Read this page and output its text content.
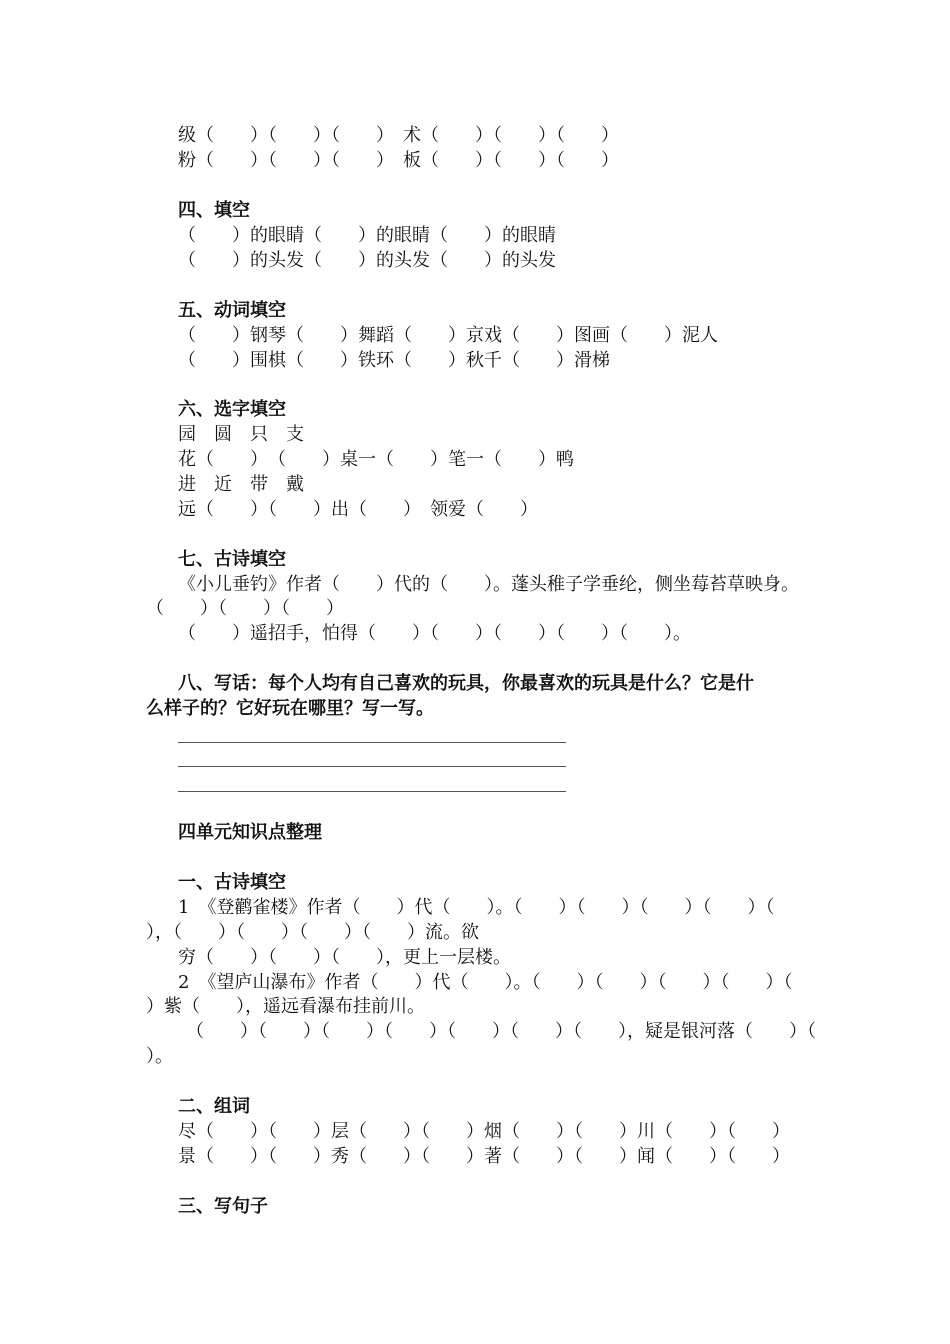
级（　　）（　　）（　　）　术（　　）（　　）（　　）
粉（　　）（　　）（　　）　板（　　）（　　）（　　）
四、填空
（　　）的眼睛（　　）的眼睛（　　）的眼睛
（　　）的头发（　　）的头发（　　）的头发
五、动词填空
（　　）钢琴（　　）舞蹈（　　）京戏（　　）图画（　　）泥人
（　　）围棋（　　）铁环（　　）秋千（　　）滑梯
六、选字填空
园　圆　只　支
花（　　）　（　　）桌一（　　）笔一（　　）鸭
进　近　带　戴
远（　　）（　　）出（　　）　领爱（　　）
七、古诗填空
《小儿垂钓》作者（　　）代的（　　）。蓬头稚子学垂纶，侧坐莓苔草映身。
（　　）（　　）（　　）
（　　）遥招手，怕得（　　）（　　）（　　）（　　）（　　）。
八、写话：每个人均有自己喜欢的玩具，你最喜欢的玩具是什么？它是什
么样子的？它好玩在哪里？写一写。
四单元知识点整理
一、古诗填空
1　《登鹳雀楼》作者（　　）代（　　）。（　　）（　　）（　　）（　　）（
），（　　）（　　）（　　）（　　）流。欲
穷（　　）（　　）（　　），更上一层楼。
2　《望庐山瀑布》作者（　　）代（　　）。（　　）（　　）（　　）（　　）（
）紫（　　），遥远看瀑布挂前川。
（　　）（　　）（　　）（　　）（　　）（　　）（　　），疑是银河落（　　）（
）。
二、组词
尽（　　）（　　）层（　　）（　　）烟（　　）（　　）川（　　）（　　）
景（　　）（　　）秀（　　）（　　）著（　　）（　　）闻（　　）（　　）
三、写句子
